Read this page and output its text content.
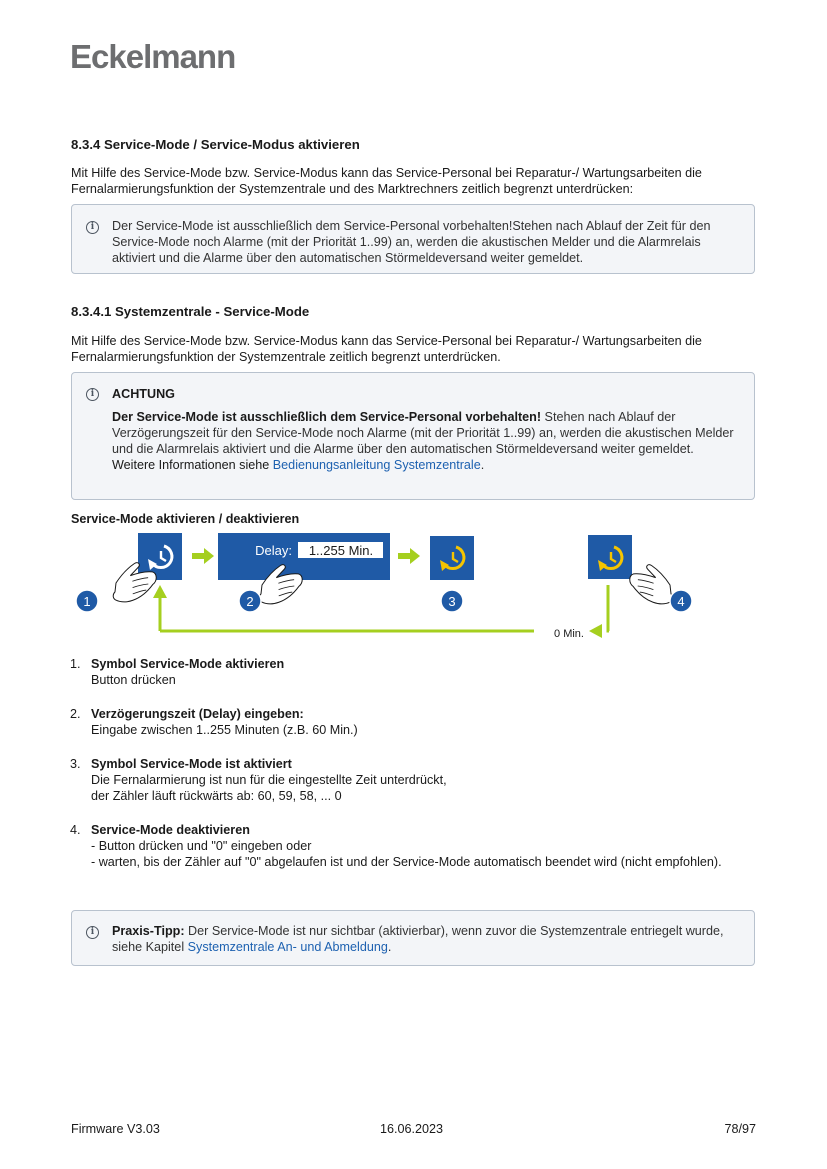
Eckelmann
8.3.4 Service-Mode / Service-Modus aktivieren
Mit Hilfe des Service-Mode bzw. Service-Modus kann das Service-Personal bei Reparatur-/ Wartungsarbeiten die Fernalarmierungsfunktion der Systemzentrale und des Marktrechners zeitlich begrenzt unterdrücken:
i	Der Service-Mode ist ausschließlich dem Service-Personal vorbehalten!Stehen nach Ablauf der Zeit für den Service-Mode noch Alarme (mit der Priorität 1..99) an, werden die akustischen Melder und die Alarmrelais aktiviert und die Alarme über den automatischen Störmeldeversand weiter gemeldet.
8.3.4.1 Systemzentrale - Service-Mode
Mit Hilfe des Service-Mode bzw. Service-Modus kann das Service-Personal bei Reparatur-/ Wartungsarbeiten die Fernalarmierungsfunktion der Systemzentrale zeitlich begrenzt unterdrücken.
i	ACHTUNG
Der Service-Mode ist ausschließlich dem Service-Personal vorbehalten! Stehen nach Ablauf der Verzögerungszeit für den Service-Mode noch Alarme (mit der Priorität 1..99) an, werden die akustischen Melder und die Alarmrelais aktiviert und die Alarme über den automatischen Störmeldeversand weiter gemeldet. Weitere Informationen siehe Bedienungsanleitung Systemzentrale.
Service-Mode aktivieren / deaktivieren
0 Min.
1
Delay: 1..255 Min.
2	3	4
1. Symbol Service-Mode aktivieren
Button drücken
2. Verzögerungszeit (Delay) eingeben:
Eingabe zwischen 1..255 Minuten (z.B. 60 Min.)
3. Symbol Service-Mode ist aktiviert
Die Fernalarmierung ist nun für die eingestellte Zeit unterdrückt,
der Zähler läuft rückwärts ab: 60, 59, 58, ... 0
4. Service-Mode deaktivieren
- Button drücken und "0" eingeben oder
- warten, bis der Zähler auf "0" abgelaufen ist und der Service-Mode automatisch beendet wird (nicht empfohlen).
i	Praxis-Tipp: Der Service-Mode ist nur sichtbar (aktivierbar), wenn zuvor die Systemzentrale entriegelt wurde, siehe Kapitel Systemzentrale An- und Abmeldung.
Firmware V3.03	16.06.2023	78/97
